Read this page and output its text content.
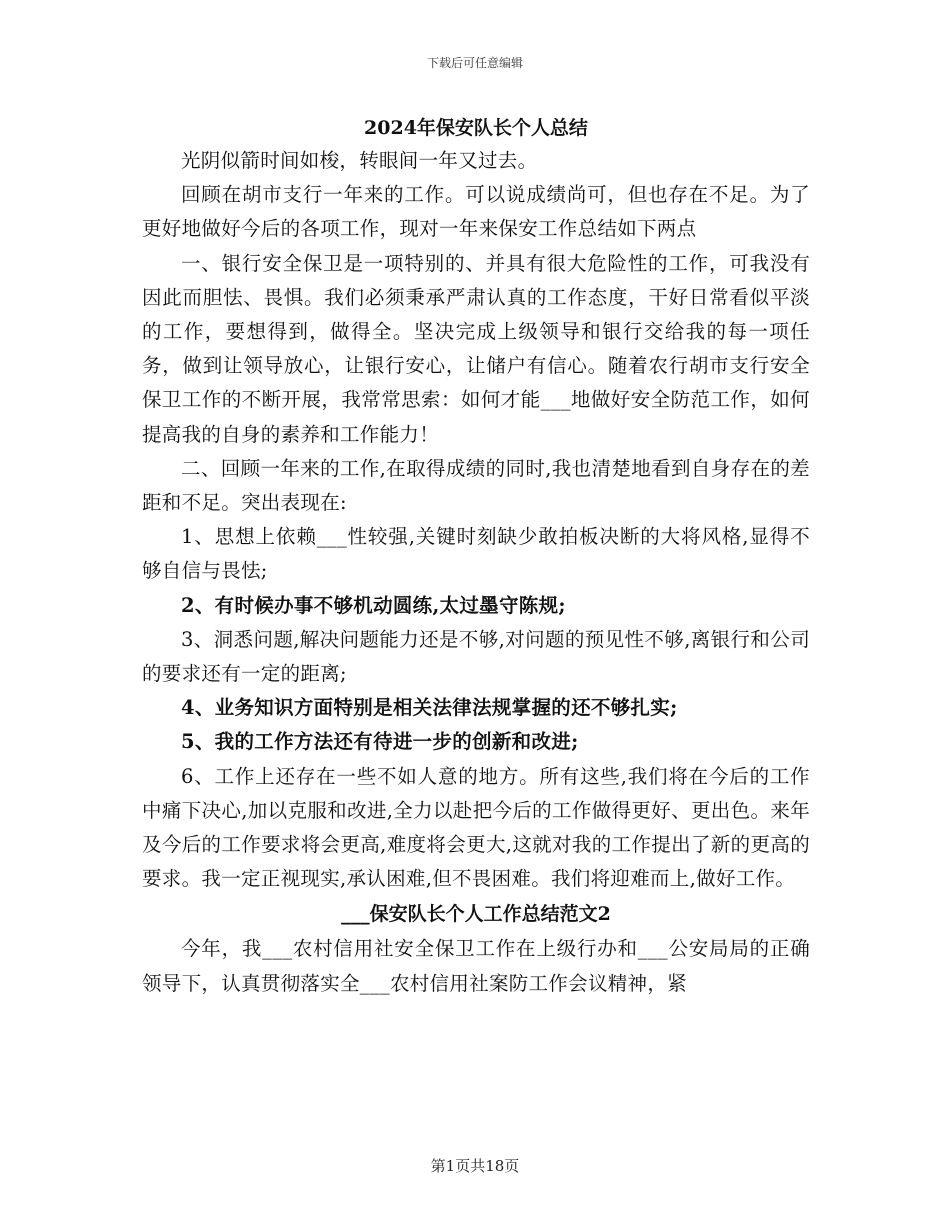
下载后可任意编辑
2024年保安队长个人总结

光阴似箭时间如梭，转眼间一年又过去。

回顾在胡市支行一年来的工作。可以说成绩尚可，但也存在不足。为了更好地做好今后的各项工作，现对一年来保安工作总结如下两点

一、银行安全保卫是一项特别的、并具有很大危险性的工作，可我没有因此而胆怯、畏惧。我们必须秉承严肃认真的工作态度，干好日常看似平淡的工作，要想得到，做得全。坚决完成上级领导和银行交给我的每一项任务，做到让领导放心，让银行安心，让储户有信心。随着农行胡市支行安全保卫工作的不断开展，我常常思索：如何才能___地做好安全防范工作，如何提高我的自身的素养和工作能力！

二、回顾一年来的工作,在取得成绩的同时,我也清楚地看到自身存在的差距和不足。突出表现在:

1、思想上依赖___性较强,关键时刻缺少敢拍板决断的大将风格,显得不够自信与畏怯;

2、有时候办事不够机动圆练,太过墨守陈规;

3、洞悉问题,解决问题能力还是不够,对问题的预见性不够,离银行和公司的要求还有一定的距离;

4、业务知识方面特别是相关法律法规掌握的还不够扎实;

5、我的工作方法还有待进一步的创新和改进;

6、工作上还存在一些不如人意的地方。所有这些,我们将在今后的工作中痛下决心,加以克服和改进,全力以赴把今后的工作做得更好、更出色。来年及今后的工作要求将会更高,难度将会更大,这就对我的工作提出了新的更高的要求。我一定正视现实,承认困难,但不畏困难。我们将迎难而上,做好工作。

___保安队长个人工作总结范文2

今年，我___农村信用社安全保卫工作在上级行办和___公安局局的正确领导下，认真贯彻落实全___农村信用社案防工作会议精神，紧

第1页共18页
